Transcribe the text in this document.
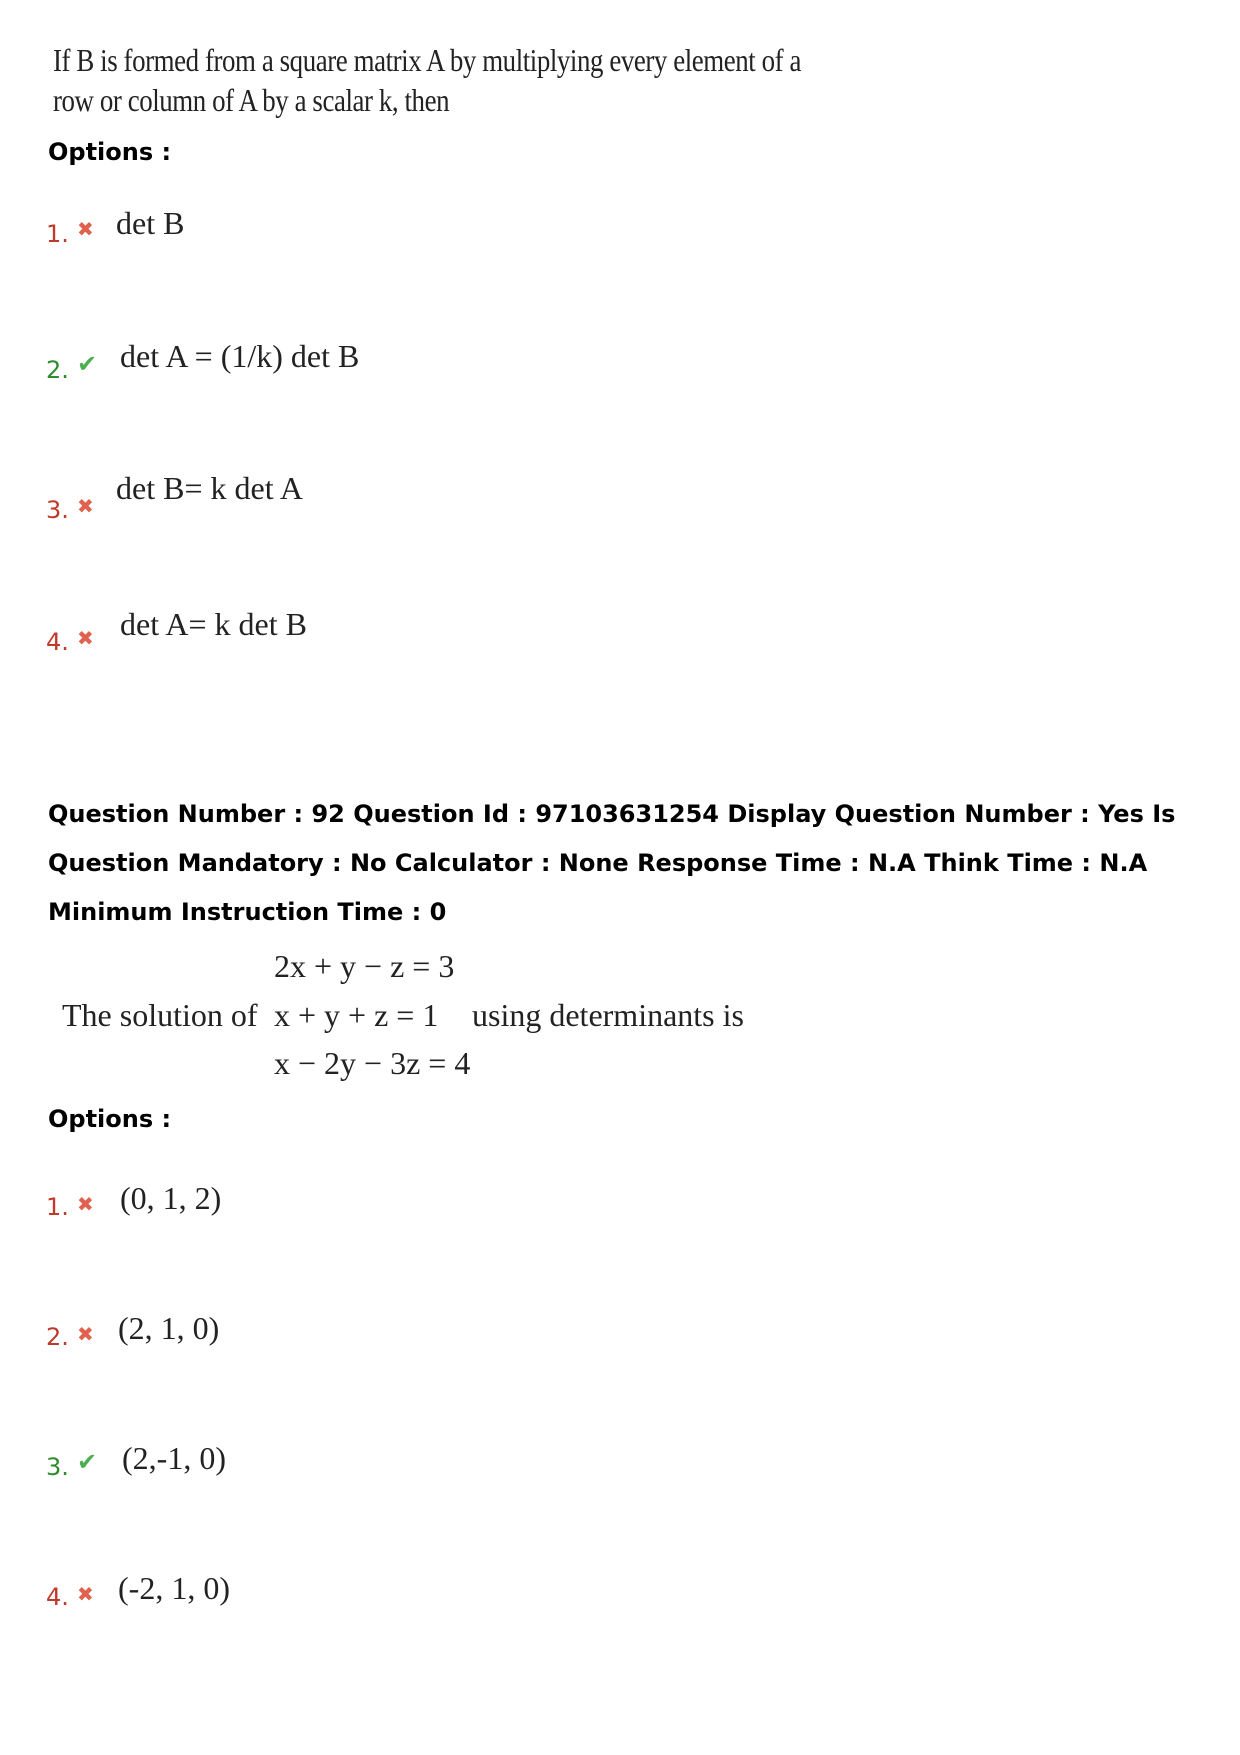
If B is formed from a square matrix A by multiplying every element of a row or column of A by a scalar k, then
Options :
1. ✖ det B
2. ✔ det A = (1/k) det B
3. ✖ det B= k det A
4. ✖ det A= k det B
Question Number : 92 Question Id : 97103631254 Display Question Number : Yes Is Question Mandatory : No Calculator : None Response Time : N.A Think Time : N.A Minimum Instruction Time : 0
2x + y − z = 3
x + y + z = 1
x − 2y − 3z = 4
The solution of	using determinants is
Options :
1. ✖ (0, 1, 2)
2. ✖ (2, 1, 0)
3. ✔ (2,-1, 0)
4. ✖ (-2, 1, 0)
